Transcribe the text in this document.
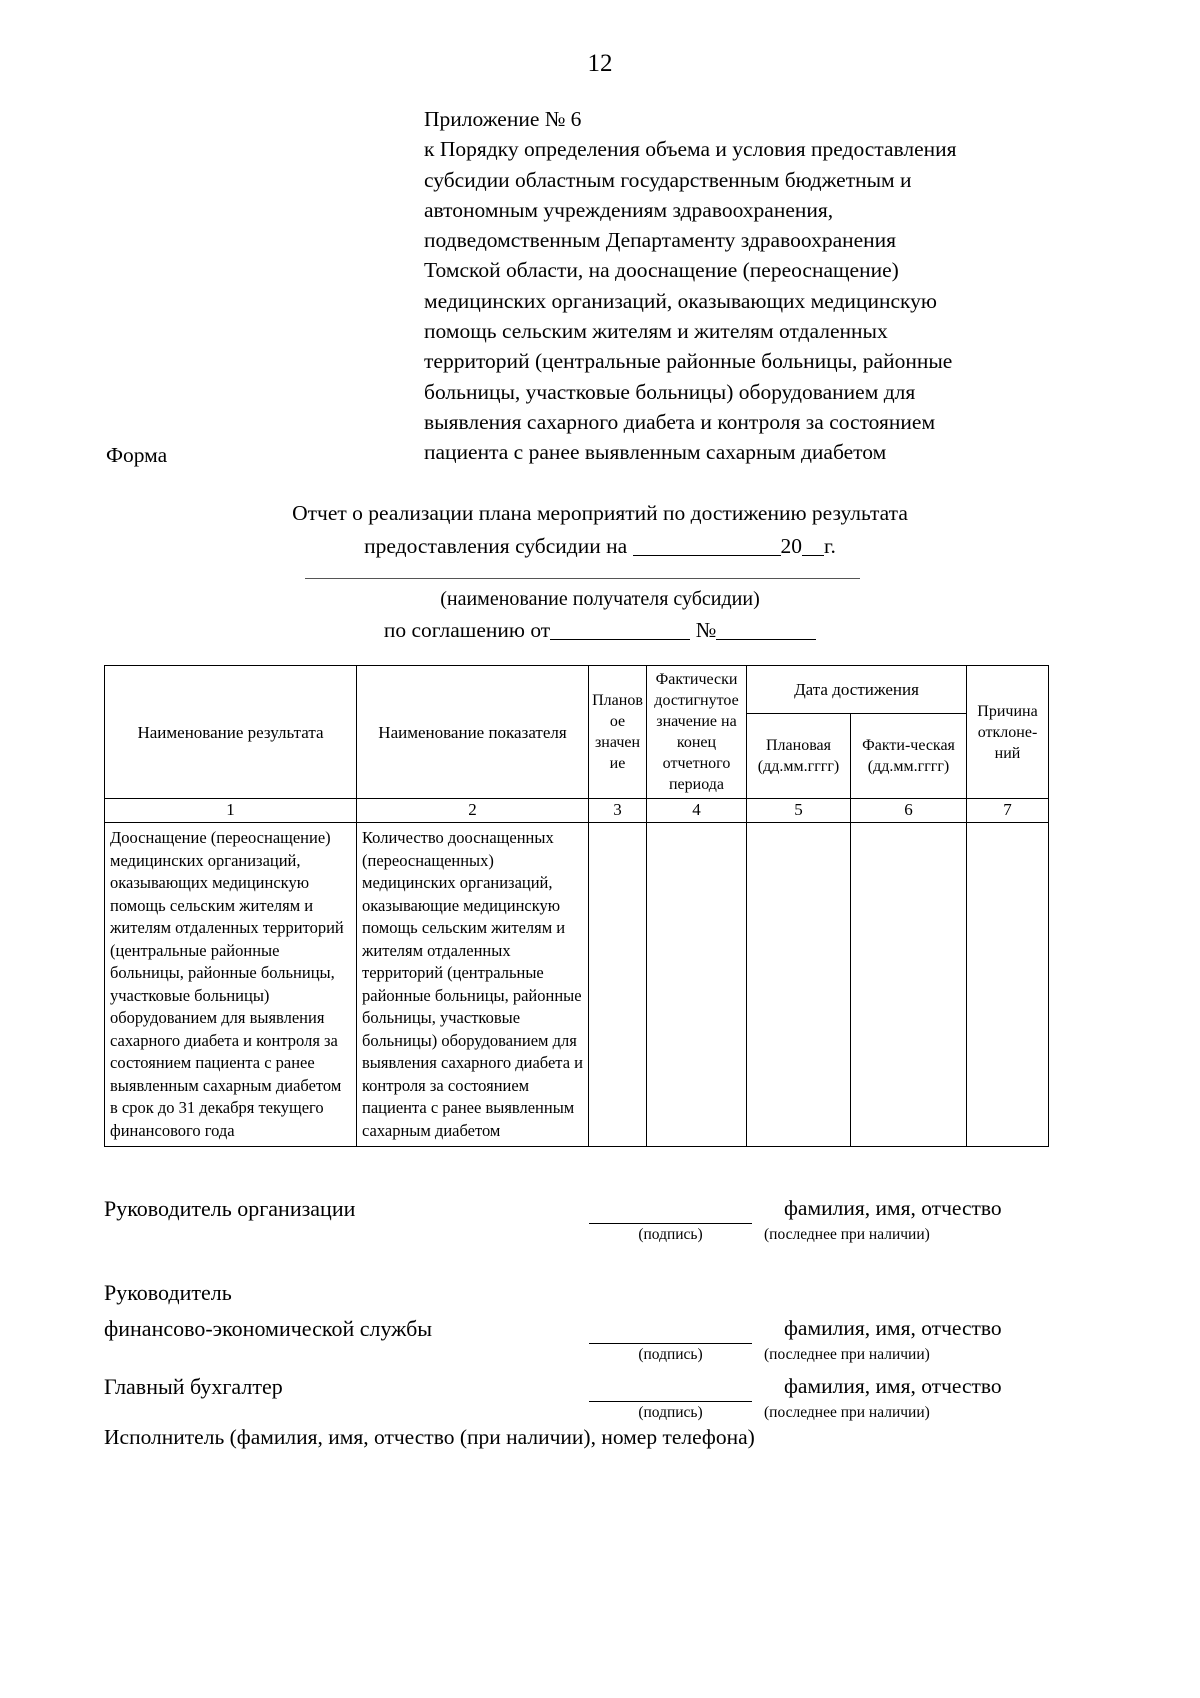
12
Приложение № 6
к Порядку определения объема и условия предоставления
субсидии областным государственным бюджетным и
автономным учреждениям здравоохранения,
подведомственным Департаменту здравоохранения
Томской области, на дооснащение (переоснащение)
медицинских организаций, оказывающих медицинскую
помощь сельским жителям и жителям отдаленных
территорий (центральные районные больницы, районные
больницы, участковые больницы) оборудованием для
выявления сахарного диабета и контроля за состоянием
пациента с ранее выявленным сахарным диабетом
Форма
Отчет о реализации плана мероприятий по достижению результата
предоставления субсидии на	20 г.
(наименование получателя субсидии)
по соглашению от	№
Наименование результата	Наименование показателя	Планов ое значен ие	Фактически достигнутое значение на конец отчетного периода	Дата достижения		Причина отклоне-ний
				Плановая (дд.мм.гггг)	Факти-ческая (дд.мм.гггг)	
1	2	3	4	5	6	7
Дооснащение (переоснащение) медицинских организаций, оказывающих медицинскую помощь сельским жителям и жителям отдаленных территорий (центральные районные больницы, районные больницы, участковые больницы) оборудованием для выявления сахарного диабета и контроля за состоянием пациента с ранее выявленным сахарным диабетом в срок до 31 декабря текущего финансового года	Количество дооснащенных (переоснащенных) медицинских организаций, оказывающие медицинскую помощь сельским жителям и жителям отдаленных территорий (центральные районные больницы, районные больницы, участковые больницы) оборудованием для выявления сахарного диабета и контроля за состоянием пациента с ранее выявленным сахарным диабетом					
Руководитель организации
(подпись)
фамилия, имя, отчество
(последнее при наличии)
Руководитель
финансово-экономической службы
(подпись)
фамилия, имя, отчество
(последнее при наличии)
Главный бухгалтер
(подпись)
фамилия, имя, отчество
(последнее при наличии)
Исполнитель (фамилия, имя, отчество (при наличии), номер телефона)
